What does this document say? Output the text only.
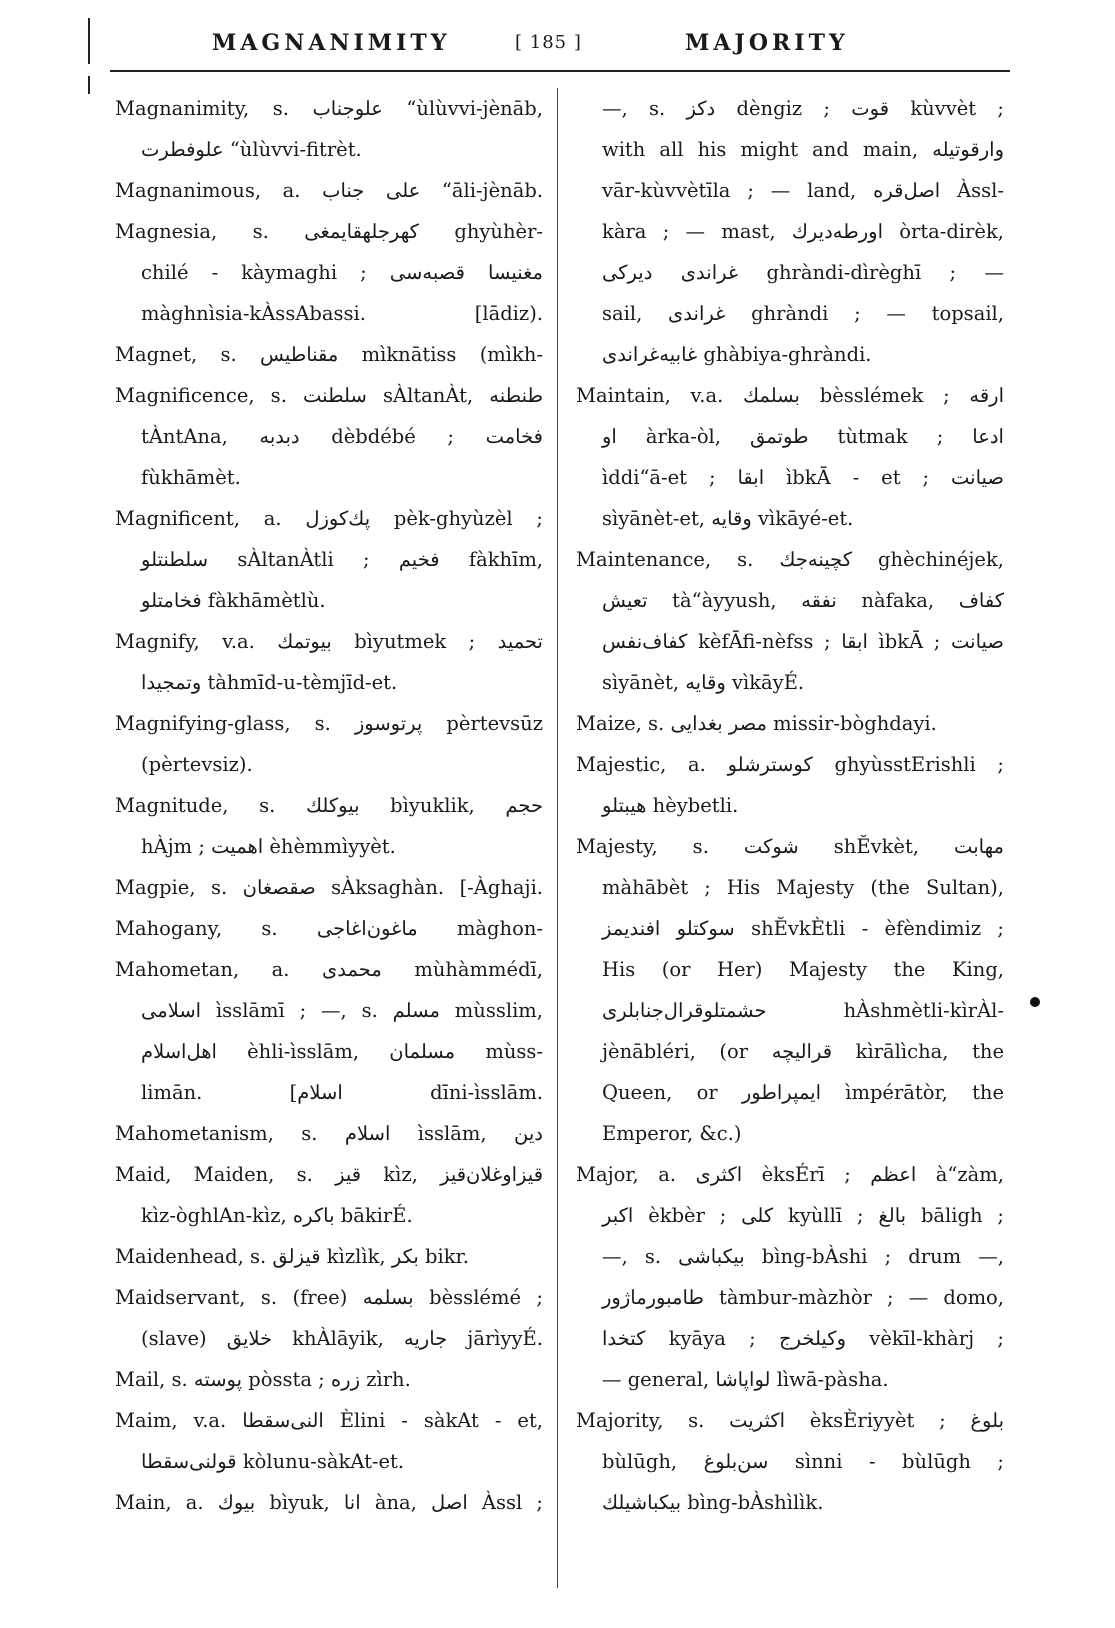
MAGNANIMITY	[ 185 ]	MAJORITY
Magnanimity, s. علوجناب “ùlùvvi-jènāb,
علوفطرت “ùlùvvi-fitrèt.
Magnanimous, a. علی جناب “āli-jènāb.
Magnesia, s. كهرجلهقايمغی ghyùhèr-
chilé - kàymaghi ; مغنيسا قصبه‌سی
màghnìsia-kÀssAbassi. [lādiz).
Magnet, s. مقناطيس mìknātiss (mìkh-
Magnificence, s. سلطنت sÀltanÀt, طنطنه
tÀntAna, دبدبه dèbdébé ; فخامت
fùkhāmèt.
Magnificent, a. پك‌كوزل pèk-ghyùzèl ;
سلطنتلو sÀltanÀtli ; فخيم fàkhīm,
فخامتلو fàkhāmètlù.
Magnify, v.a. بيوتمك bìyutmek ; تحميد
وتمجيدا tàhmīd-u-tèmjīd-et.
Magnifying-glass, s. پرتوسوز pèrtevsūz
(pèrtevsiz).
Magnitude, s. بيوكلك bìyuklik, حجم
hÀjm ; اهميت èhèmmìyyèt.
Magpie, s. صقصغان sÀksaghàn. [-Àghaji.
Mahogany, s. ماغون‌اغاجی màghon-
Mahometan, a. محمدی mùhàmmédī,
اسلامی ìsslāmī ; —, s. مسلم mùsslim,
اهل‌اسلام èhli-ìsslām, مسلمان mùss-
limān. [اسلام dīni-ìsslām.
Mahometanism, s. اسلام ìsslām, دين
Maid, Maiden, s. قيز kìz, قيزاوغلان‌قيز
kìz-òghlAn-kìz, باكره bākirÉ.
Maidenhead, s. قيزلق kìzlìk, بكر bikr.
Maidservant, s. (free) بسلمه bèsslémé ;
(slave) خلايق khÀlāyik, جاريه jārìyyÉ.
Mail, s. پوسته pòssta ; زره zìrh.
Maim, v.a. النی‌سقطا Èlini - sàkAt - et,
قولنی‌سقطا kòlunu-sàkAt-et.
Main, a. بيوك bìyuk, انا àna, اصل Àssl ;
—, s. دكز dèngiz ; قوت kùvvèt ;
with all his might and main, وارقوتيله
vār-kùvvètīla ; — land, اصل‌قره Àssl-
kàra ; — mast, اورطه‌ديرك òrta-dirèk,
غراندی ديركی ghràndi-dìrèghī ; —
sail, غراندی ghràndi ; — topsail,
غابيه‌غراندی ghàbiya-ghràndi.
Maintain, v.a. بسلمك bèsslémek ; ارقه
او àrka-òl, طوتمق tùtmak ; ادعا
ìddi“ā-et ; ابقا ìbkĀ - et ; صيانت
sìyānèt-et, وقايه vìkāyé-et.
Maintenance, s. كچينه‌جك ghèchinéjek,
تعيش tà“àyyush, نفقه nàfaka, كفاف
كفاف‌نفس kèfĀfi-nèfss ; ابقا ìbkĀ ; صيانت
sìyānèt, وقايه vìkāyÉ.
Maize, s. مصر بغدايی missir-bòghdayi.
Majestic, a. كوسترشلو ghyùsstErishli ;
هيبتلو hèybetli.
Majesty, s. شوكت shĔvkèt, مهابت
màhābèt ; His Majesty (the Sultan),
سوكتلو افنديمز shĔvkÈtli - èfèndimiz ;
His (or Her) Majesty the King,
حشمتلوقرال‌جنابلری hÀshmètli-kìrÀl-
jènābléri, (or قراليچه kìrālìcha, the
Queen, or ايمپراطور ìmpérātòr, the
Emperor, &c.)
Major, a. اكثری èksÉrī ; اعظم à“zàm,
اكبر èkbèr ; كلی kyùllī ; بالغ bāligh ;
—, s. بيكباشی bìng-bÀshi ; drum —,
طامبورماژور tàmbur-màzhòr ; — domo,
كتخدا kyāya ; وكيلخرج vèkīl-khàrj ;
— general, لواپاشا lìwā-pàsha.
Majority, s. اكثريت èksÈriyyèt ; بلوغ
bùlūgh, سن‌بلوغ sìnni - bùlūgh ;
بيكباشيلك bìng-bÀshìlìk.
